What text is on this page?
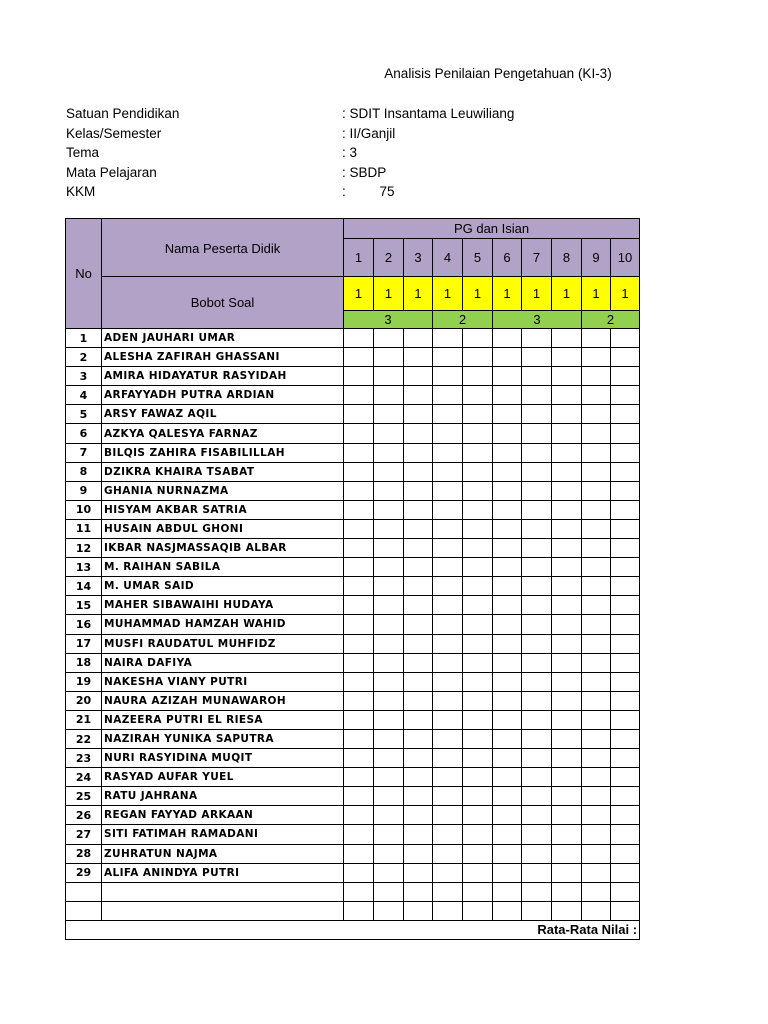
Analisis Penilaian Pengetahuan (KI-3)
Satuan Pendidikan	: SDIT Insantama Leuwiliang
Kelas/Semester	: II/Ganjil
Tema	: 3
Mata Pelajaran	: SBDP
KKM	:         75
No	Nama Peserta Didik	PG dan Isian									
		1	2	3	4	5	6	7	8	9	10

	Bobot Soal	1	1	1	1	1	1	1	1	1	1

		3			2		3			2	
1	ADEN JAUHARI UMAR										
2	ALESHA ZAFIRAH GHASSANI										
3	AMIRA HIDAYATUR RASYIDAH										
4	ARFAYYADH PUTRA ARDIAN										
5	ARSY FAWAZ AQIL										
6	AZKYA QALESYA FARNAZ										
7	BILQIS ZAHIRA FISABILILLAH										
8	DZIKRA KHAIRA TSABAT										
9	GHANIA NURNAZMA										
10	HISYAM AKBAR SATRIA										
11	HUSAIN ABDUL GHONI										
12	IKBAR NASJMASSAQIB ALBAR										
13	M. RAIHAN SABILA										
14	M. UMAR SAID										
15	MAHER SIBAWAIHI HUDAYA										
16	MUHAMMAD HAMZAH WAHID										
17	MUSFI RAUDATUL MUHFIDZ										
18	NAIRA DAFIYA										
19	NAKESHA VIANY PUTRI										
20	NAURA AZIZAH MUNAWAROH										
21	NAZEERA PUTRI EL RIESA										
22	NAZIRAH YUNIKA SAPUTRA										
23	NURI RASYIDINA MUQIT										
24	RASYAD AUFAR YUEL										
25	RATU JAHRANA										
26	REGAN FAYYAD ARKAAN										
27	SITI FATIMAH RAMADANI										
28	ZUHRATUN NAJMA										
29	ALIFA ANINDYA PUTRI										

Rata-Rata Nilai :											
